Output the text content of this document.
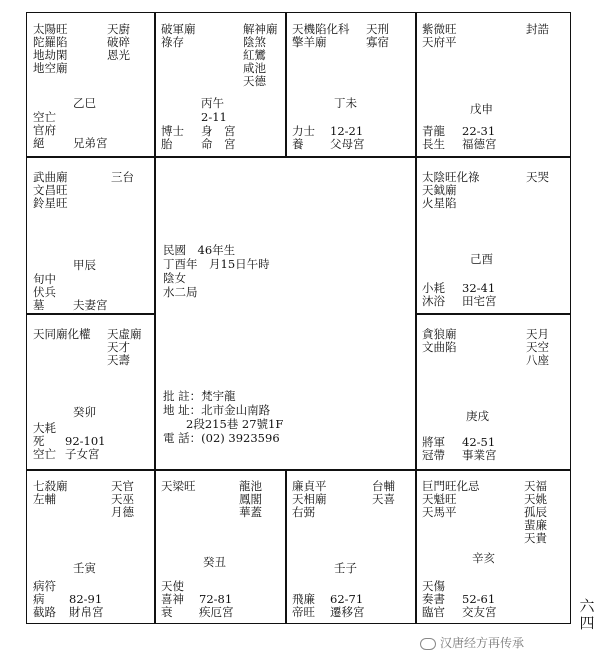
太陽旺
陀羅陷
地劫閑
地空廟
天廚
破碎
恩光
乙巳
空亡
官府
絕	兄弟宮
破軍廟
祿存
解神廟
陰煞
紅鸞
咸池
天德
丙午
2-11
博士
胎
身　宮
命　宮
天機陷化科
擎羊廟
天刑
寡宿
丁未
12-21
力士
養	父母宮
紫微旺
天府平
封誥
戊申
22-31
青龍
長生 福德宮
武曲廟
文昌旺
鈴星旺
三台
甲辰
旬中
伏兵
墓	夫妻宮
太陰旺化祿
天鉞廟
火星陷
天哭
己酉
32-41
小耗
沐浴 田宅宮
天同廟化權 天虛廟
天才
天壽
癸卯
大耗
死
空亡
92-101
子女宮
貪狼廟
文曲陷
天月
天空
八座
庚戌
42-51
將軍
冠帶 事業宮
七殺廟
左輔
天官
天巫
月德
壬寅
病符
病
截路
82-91
財帛宮
天梁旺	龍池
鳳閣
華蓋
癸丑
天使
喜神
衰
72-81
疾厄宮
廉貞平
天相廟
右弼
台輔
天喜
壬子
62-71
飛廉
帝旺 遷移宮
巨門旺化忌
天魁旺
天馬平
天福
天姚
孤辰
蜚廉
天貴
辛亥
天傷
奏書
臨官
52-61
交友宮

民國　46年生
丁酉年　月15日午時
陰女
水二局

批 註：梵宇龍
地 址：北市金山南路
　　2段215巷 27號1F
電 話：(02) 3923596

六
四
汉唐经方再传承
